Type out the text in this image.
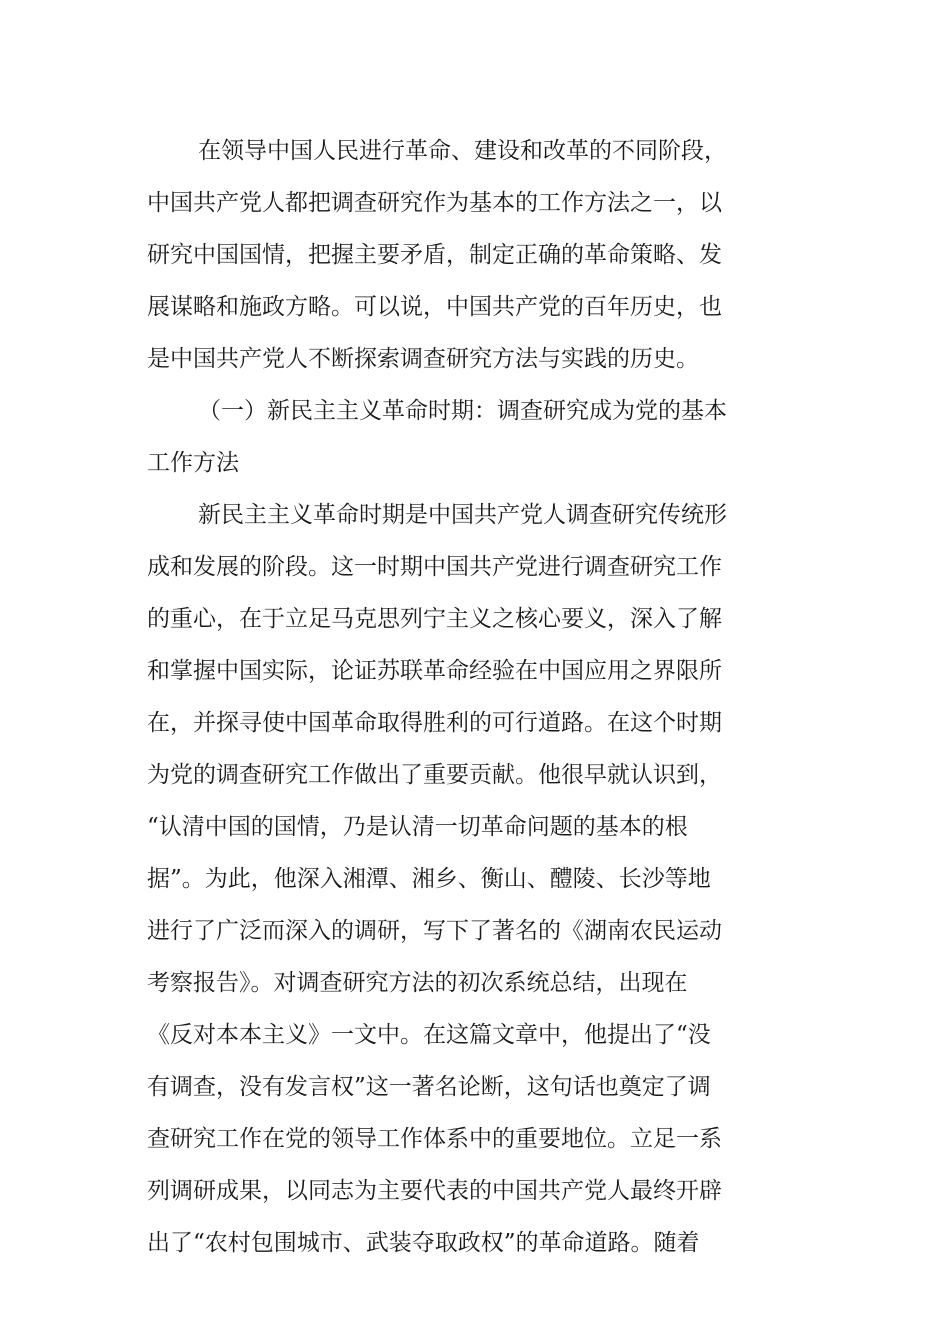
在领导中国人民进行革命、建设和改革的不同阶段，
中国共产党人都把调查研究作为基本的工作方法之一，以
研究中国国情，把握主要矛盾，制定正确的革命策略、发
展谋略和施政方略。可以说，中国共产党的百年历史，也
是中国共产党人不断探索调查研究方法与实践的历史。
（一）新民主主义革命时期：调查研究成为党的基本
工作方法
新民主主义革命时期是中国共产党人调查研究传统形
成和发展的阶段。这一时期中国共产党进行调查研究工作
的重心，在于立足马克思列宁主义之核心要义，深入了解
和掌握中国实际，论证苏联革命经验在中国应用之界限所
在，并探寻使中国革命取得胜利的可行道路。在这个时期
为党的调查研究工作做出了重要贡献。他很早就认识到，
“认清中国的国情，乃是认清一切革命问题的基本的根
据”。为此，他深入湘潭、湘乡、衡山、醴陵、长沙等地
进行了广泛而深入的调研，写下了著名的《湖南农民运动
考察报告》。对调查研究方法的初次系统总结，出现在
《反对本本主义》一文中。在这篇文章中，他提出了“没
有调查，没有发言权”这一著名论断，这句话也奠定了调
查研究工作在党的领导工作体系中的重要地位。立足一系
列调研成果，以同志为主要代表的中国共产党人最终开辟
出了“农村包围城市、武装夺取政权”的革命道路。随着
